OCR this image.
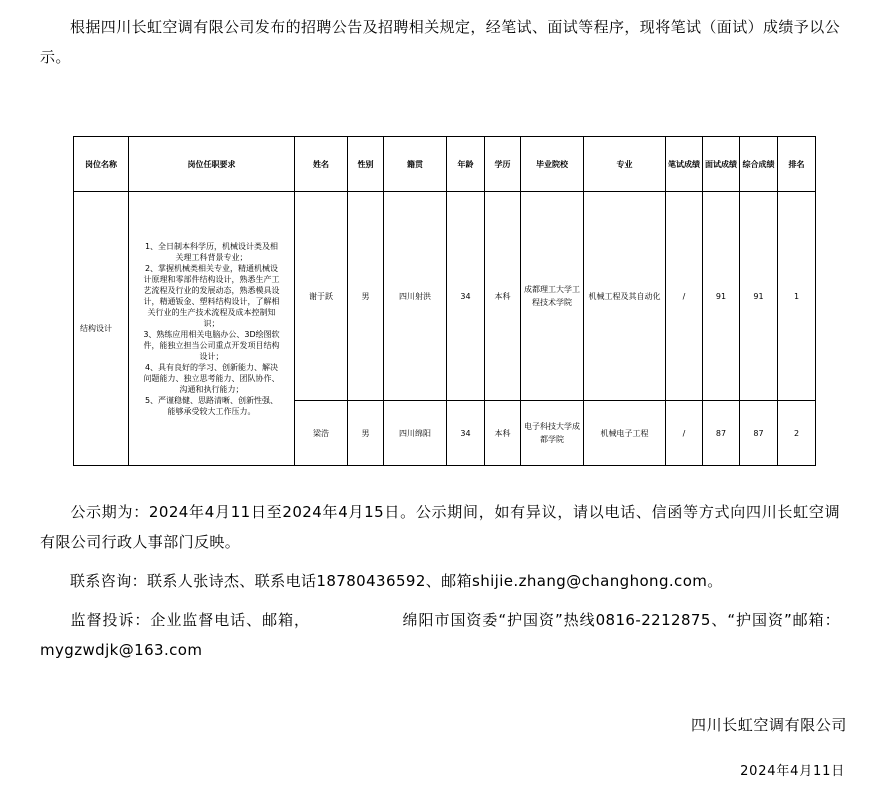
根据四川长虹空调有限公司发布的招聘公告及招聘相关规定，经笔试、面试等程序，现将笔试（面试）成绩予以公示。

岗位名称	岗位任职要求	姓名	性别	籍贯	年龄	学历	毕业院校	专业	笔试成绩	面试成绩	综合成绩	排名
结构设计	1、全日制本科学历，机械设计类及相关理工科背景专业；
2、掌握机械类相关专业，精通机械设计原理和零部件结构设计，熟悉生产工艺流程及行业的发展动态，熟悉模具设计，精通钣金、塑料结构设计，了解相关行业的生产技术流程及成本控制知识；
3、熟练应用相关电脑办公、3D绘图软件，能独立担当公司重点开发项目结构设计；
4、具有良好的学习、创新能力、解决问题能力、独立思考能力、团队协作、沟通和执行能力；
5、严谨稳健、思路清晰、创新性强、能够承受较大工作压力。	谢于跃	男	四川射洪	34	本科	成都理工大学工程技术学院	机械工程及其自动化	/	91	91	1
		梁浩	男	四川绵阳	34	本科	电子科技大学成都学院	机械电子工程	/	87	87	2

公示期为：2024年4月11日至2024年4月15日。公示期间，如有异议，请以电话、信函等方式向四川长虹空调有限公司行政人事部门反映。

联系咨询：联系人张诗杰、联系电话18780436592、邮箱shijie.zhang@changhong.com。

监督投诉：企业监督电话、邮箱，	绵阳市国资委“护国资”热线0816-2212875、“护国资”邮箱：mygzwdjk@163.com

四川长虹空调有限公司

2024年4月11日
